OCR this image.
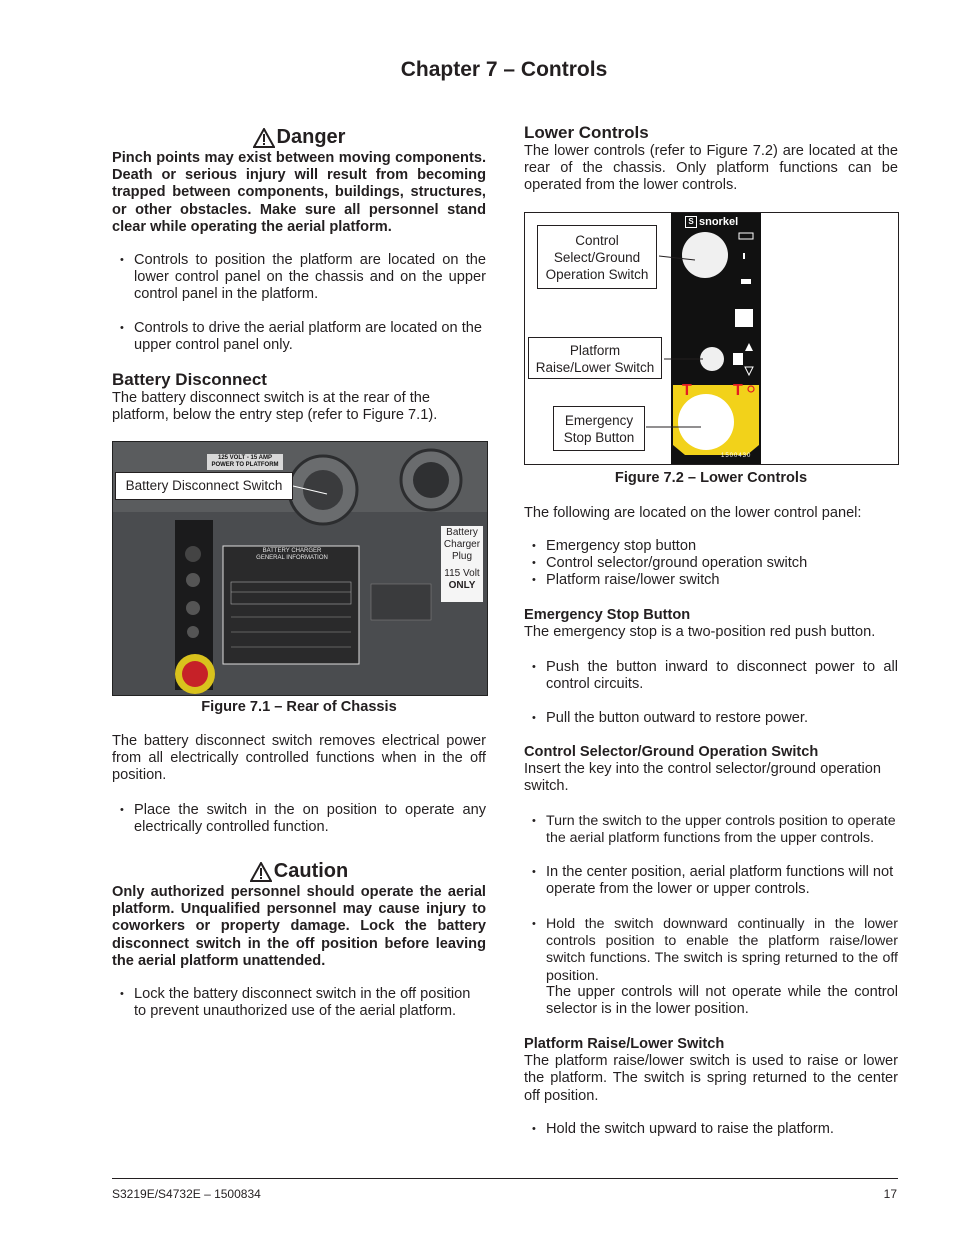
Chapter 7 – Controls
Danger

Pinch points may exist between moving components. Death or serious injury will result from becoming trapped between components, buildings, structures, or other obstacles. Make sure all personnel stand clear while operating the aerial platform.

• Controls to position the platform are located on the lower control panel on the chassis and on the upper control panel in the platform.
• Controls to drive the aerial platform are located on the upper control panel only.

Battery Disconnect

The battery disconnect switch is at the rear of the platform, below the entry step (refer to Figure 7.1).

125 VOLT - 15 AMP
POWER TO PLATFORM
BATTERY CHARGER
GENERAL INFORMATION
Battery
Charger
Plug
115 Volt
ONLY
Battery Disconnect Switch
Figure 7.1 – Rear of Chassis

The battery disconnect switch removes electrical power from all electrically controlled functions when in the off position.

• Place the switch in the on position to operate any electrically controlled function.
Caution

Only authorized personnel should operate the aerial platform. Unqualified personnel may cause injury to coworkers or property damage. Lock the battery disconnect switch in the off position before leaving the aerial platform unattended.

• Lock the battery disconnect switch in the off position to prevent unauthorized use of the aerial platform.

Lower Controls

The lower controls (refer to Figure 7.2) are located at the rear of the chassis. Only platform functions can be operated from the lower controls.

T	T
S snorkel
1500430
Control
Select/Ground
Operation Switch
Platform
Raise/Lower Switch
Emergency
Stop Button
Figure 7.2 – Lower Controls
The following are located on the lower control panel:
• Emergency stop button
• Control selector/ground operation switch
• Platform raise/lower switch

Emergency Stop Button

The emergency stop is a two-position red push button.

• Push the button inward to disconnect power to all control circuits.
• Pull the button outward to restore power.

Control Selector/Ground Operation Switch

Insert the key into the control selector/ground operation switch.

• Turn the switch to the upper controls position to operate the aerial platform functions from the upper controls.
• In the center position, aerial platform functions will not operate from the lower or upper controls.
• Hold the switch downward continually in the lower controls position to enable the platform raise/lower switch functions. The switch is spring returned to the off position.

The upper controls will not operate while the control selector is in the lower position.

Platform Raise/Lower Switch

The platform raise/lower switch is used to raise or lower the platform. The switch is spring returned to the center off position.

• Hold the switch upward to raise the platform.
S3219E/S4732E – 1500834	17
